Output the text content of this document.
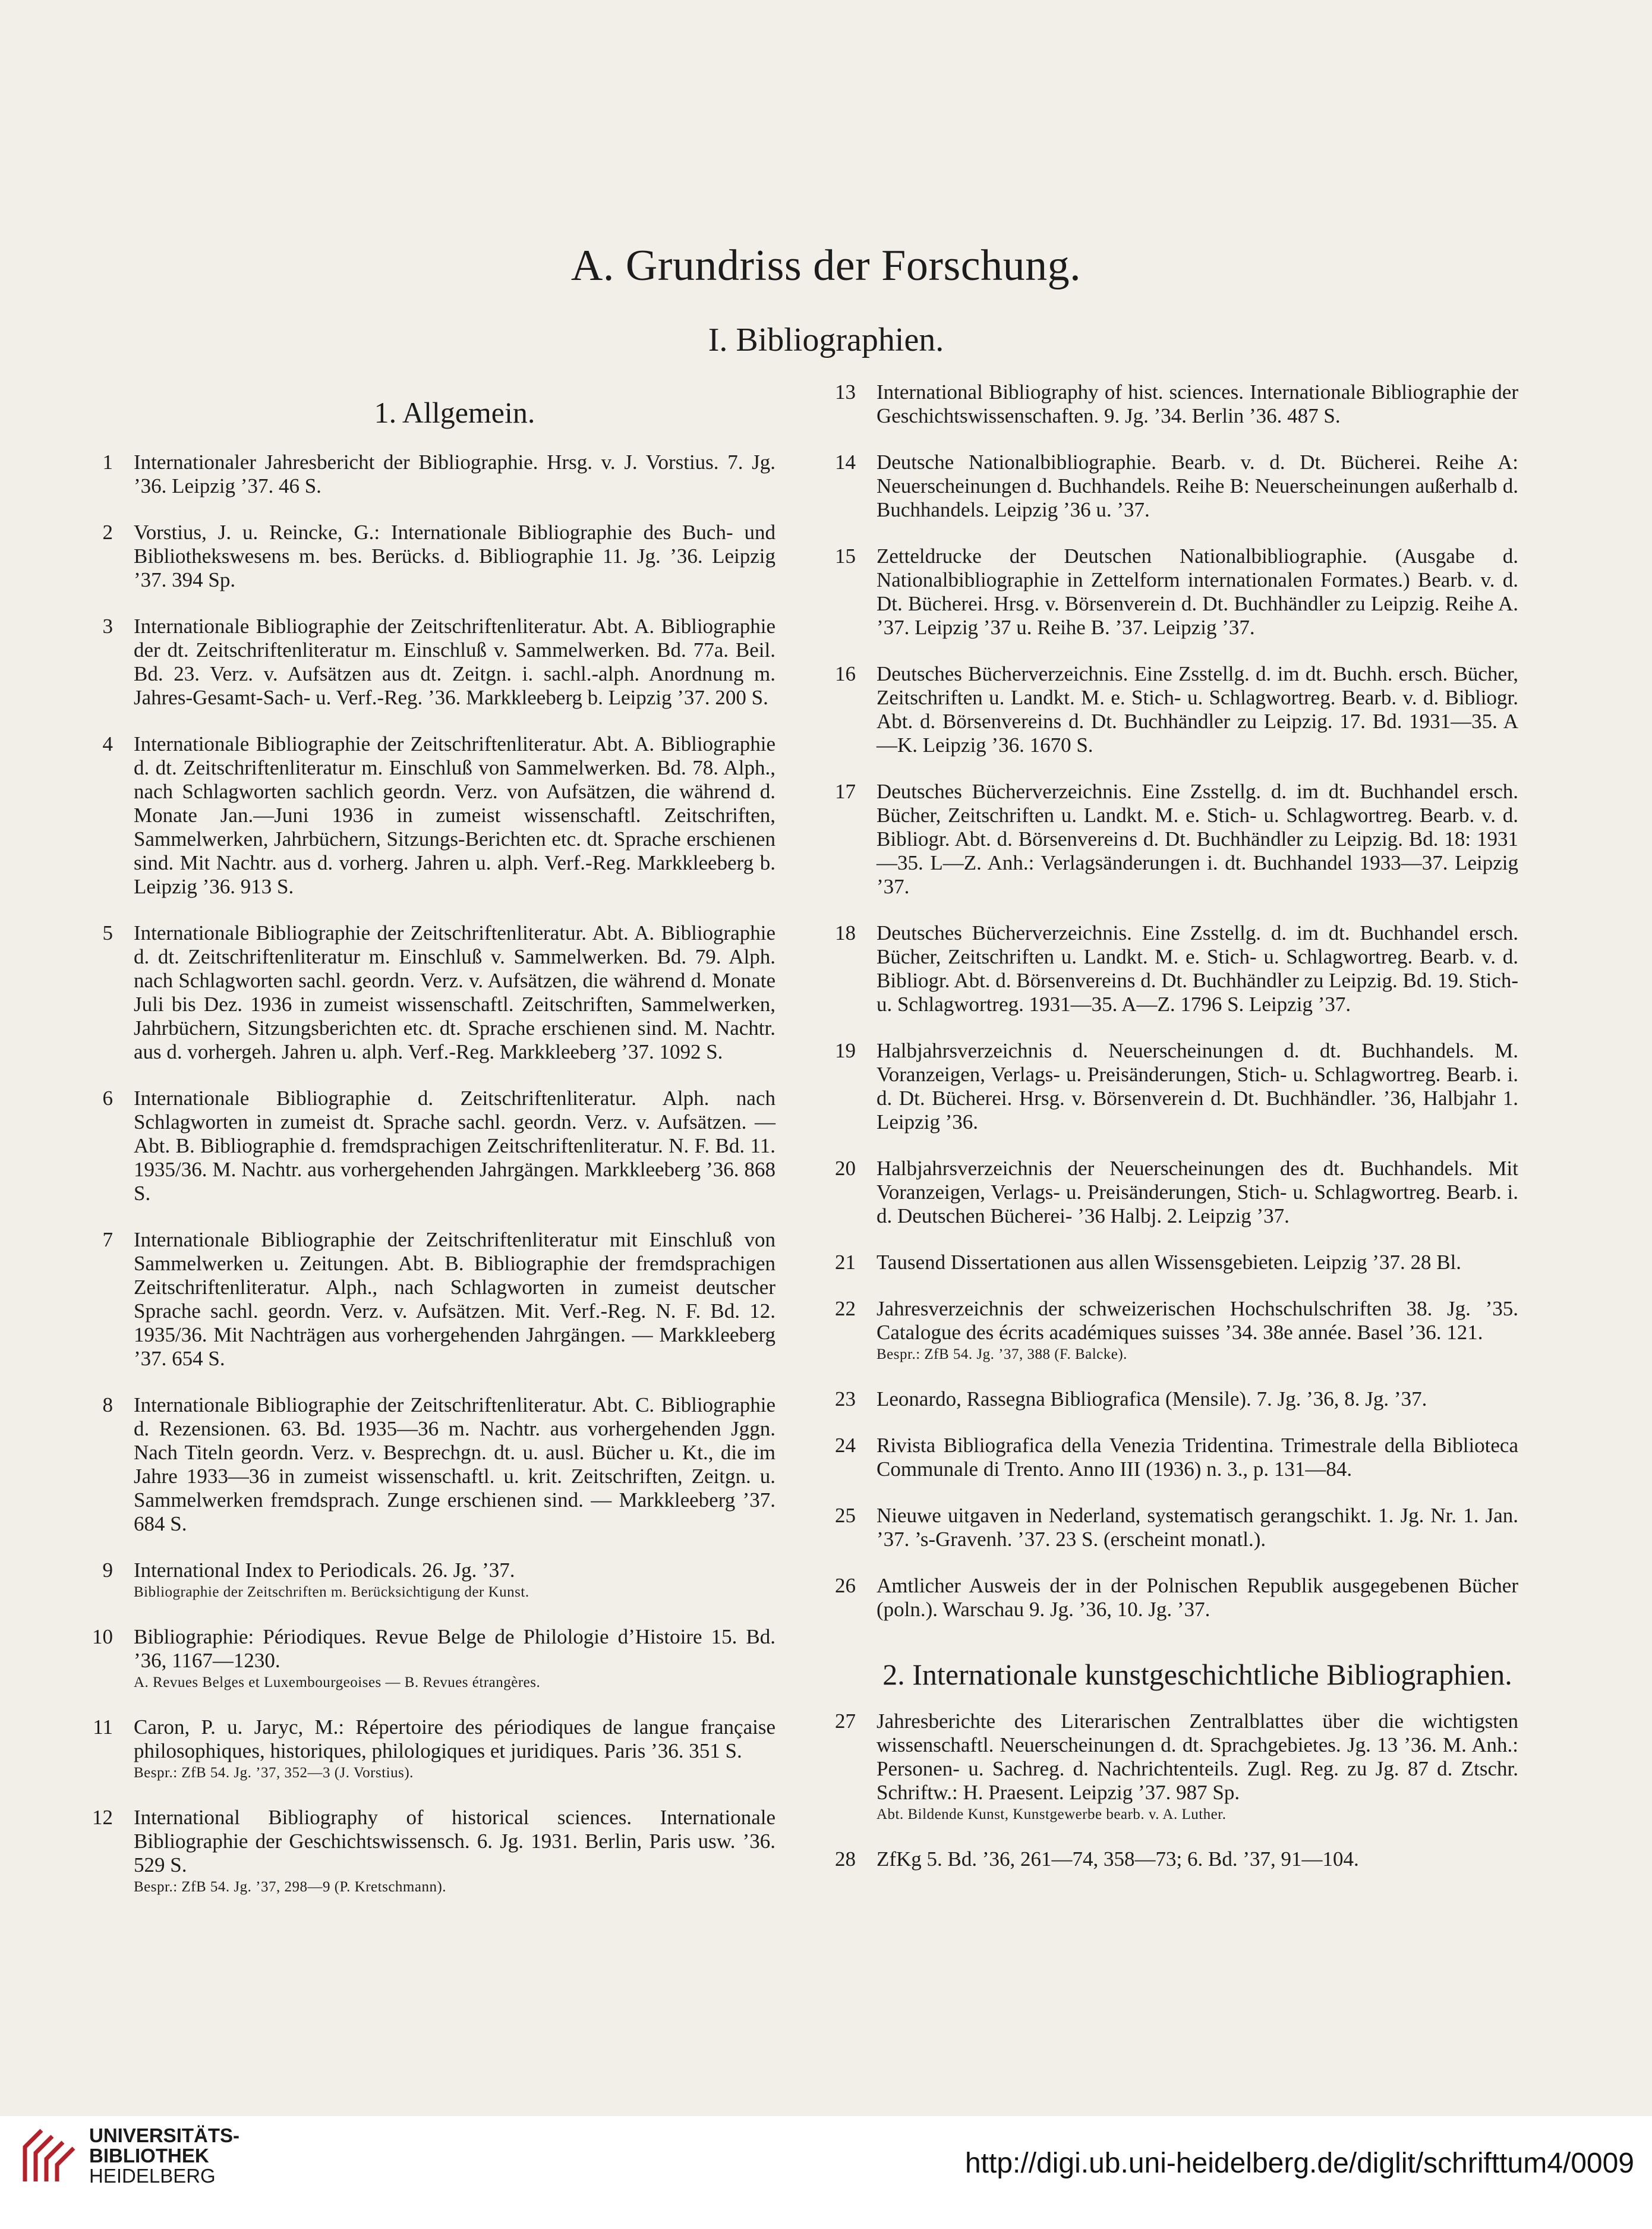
A. Grundriss der Forschung.
I. Bibliographien.
1. Allgemein.
1 Internationaler Jahresbericht der Bibliographie. Hrsg. v. J. Vorstius. 7. Jg. ’36. Leipzig ’37. 46 S.
2 Vorstius, J. u. Reincke, G.: Internationale Bibliographie des Buch- und Bibliothekswesens m. bes. Berücks. d. Bibliographie 11. Jg. ’36. Leipzig ’37. 394 Sp.
3 Internationale Bibliographie der Zeitschriftenliteratur. Abt. A. Bibliographie der dt. Zeitschriftenliteratur m. Einschluß v. Sammelwerken. Bd. 77a. Beil. Bd. 23. Verz. v. Aufsätzen aus dt. Zeitgn. i. sachl.-alph. Anordnung m. Jahres-Gesamt-Sach- u. Verf.-Reg. ’36. Markkleeberg b. Leipzig ’37. 200 S.
4 Internationale Bibliographie der Zeitschriftenliteratur. Abt. A. Bibliographie d. dt. Zeitschriftenliteratur m. Einschluß von Sammelwerken. Bd. 78. Alph., nach Schlagworten sachlich geordn. Verz. von Aufsätzen, die während d. Monate Jan.—Juni 1936 in zumeist wissenschaftl. Zeitschriften, Sammelwerken, Jahrbüchern, Sitzungs-Berichten etc. dt. Sprache erschienen sind. Mit Nachtr. aus d. vorherg. Jahren u. alph. Verf.-Reg. Markkleeberg b. Leipzig ’36. 913 S.
5 Internationale Bibliographie der Zeitschriftenliteratur. Abt. A. Bibliographie d. dt. Zeitschriftenliteratur m. Einschluß v. Sammelwerken. Bd. 79. Alph. nach Schlagworten sachl. geordn. Verz. v. Aufsätzen, die während d. Monate Juli bis Dez. 1936 in zumeist wissenschaftl. Zeitschriften, Sammelwerken, Jahrbüchern, Sitzungsberichten etc. dt. Sprache erschienen sind. M. Nachtr. aus d. vorhergeh. Jahren u. alph. Verf.-Reg. Markkleeberg ’37. 1092 S.
6 Internationale Bibliographie d. Zeitschriftenliteratur. Alph. nach Schlagworten in zumeist dt. Sprache sachl. geordn. Verz. v. Aufsätzen. — Abt. B. Bibliographie d. fremdsprachigen Zeitschriftenliteratur. N. F. Bd. 11. 1935/36. M. Nachtr. aus vorhergehenden Jahrgängen. Markkleeberg ’36. 868 S.
7 Internationale Bibliographie der Zeitschriftenliteratur mit Einschluß von Sammelwerken u. Zeitungen. Abt. B. Bibliographie der fremdsprachigen Zeitschriftenliteratur. Alph., nach Schlagworten in zumeist deutscher Sprache sachl. geordn. Verz. v. Aufsätzen. Mit. Verf.-Reg. N. F. Bd. 12. 1935/36. Mit Nachträgen aus vorhergehenden Jahrgängen. — Markkleeberg ’37. 654 S.
8 Internationale Bibliographie der Zeitschriftenliteratur. Abt. C. Bibliographie d. Rezensionen. 63. Bd. 1935—36 m. Nachtr. aus vorhergehenden Jggn. Nach Titeln geordn. Verz. v. Besprechgn. dt. u. ausl. Bücher u. Kt., die im Jahre 1933—36 in zumeist wissenschaftl. u. krit. Zeitschriften, Zeitgn. u. Sammelwerken fremdsprach. Zunge erschienen sind. — Markkleeberg ’37. 684 S.
9 International Index to Periodicals. 26. Jg. ’37.
Bibliographie der Zeitschriften m. Berücksichtigung der Kunst.
10 Bibliographie: Périodiques. Revue Belge de Philologie d’Histoire 15. Bd. ’36, 1167—1230.
A. Revues Belges et Luxembourgeoises — B. Revues étrangères.
11 Caron, P. u. Jaryc, M.: Répertoire des périodiques de langue française philosophiques, historiques, philologiques et juridiques. Paris ’36. 351 S.
Bespr.: ZfB 54. Jg. ’37, 352—3 (J. Vorstius).
12 International Bibliography of historical sciences. Internationale Bibliographie der Geschichtswissensch. 6. Jg. 1931. Berlin, Paris usw. ’36. 529 S.
Bespr.: ZfB 54. Jg. ’37, 298—9 (P. Kretschmann).
13 International Bibliography of hist. sciences. Internationale Bibliographie der Geschichtswissenschaften. 9. Jg. ’34. Berlin ’36. 487 S.
14 Deutsche Nationalbibliographie. Bearb. v. d. Dt. Bücherei. Reihe A: Neuerscheinungen d. Buchhandels. Reihe B: Neuerscheinungen außerhalb d. Buchhandels. Leipzig ’36 u. ’37.
15 Zetteldrucke der Deutschen Nationalbibliographie. (Ausgabe d. Nationalbibliographie in Zettelform internationalen Formates.) Bearb. v. d. Dt. Bücherei. Hrsg. v. Börsenverein d. Dt. Buchhändler zu Leipzig. Reihe A. ’37. Leipzig ’37 u. Reihe B. ’37. Leipzig ’37.
16 Deutsches Bücherverzeichnis. Eine Zsstellg. d. im dt. Buchh. ersch. Bücher, Zeitschriften u. Landkt. M. e. Stich- u. Schlagwortreg. Bearb. v. d. Bibliogr. Abt. d. Börsenvereins d. Dt. Buchhändler zu Leipzig. 17. Bd. 1931—35. A—K. Leipzig ’36. 1670 S.
17 Deutsches Bücherverzeichnis. Eine Zsstellg. d. im dt. Buchhandel ersch. Bücher, Zeitschriften u. Landkt. M. e. Stich- u. Schlagwortreg. Bearb. v. d. Bibliogr. Abt. d. Börsenvereins d. Dt. Buchhändler zu Leipzig. Bd. 18: 1931—35. L—Z. Anh.: Verlagsänderungen i. dt. Buchhandel 1933—37. Leipzig ’37.
18 Deutsches Bücherverzeichnis. Eine Zsstellg. d. im dt. Buchhandel ersch. Bücher, Zeitschriften u. Landkt. M. e. Stich- u. Schlagwortreg. Bearb. v. d. Bibliogr. Abt. d. Börsenvereins d. Dt. Buchhändler zu Leipzig. Bd. 19. Stich- u. Schlagwortreg. 1931—35. A—Z. 1796 S. Leipzig ’37.
19 Halbjahrsverzeichnis d. Neuerscheinungen d. dt. Buchhandels. M. Voranzeigen, Verlags- u. Preisänderungen, Stich- u. Schlagwortreg. Bearb. i. d. Dt. Bücherei. Hrsg. v. Börsenverein d. Dt. Buchhändler. ’36, Halbjahr 1. Leipzig ’36.
20 Halbjahrsverzeichnis der Neuerscheinungen des dt. Buchhandels. Mit Voranzeigen, Verlags- u. Preisänderungen, Stich- u. Schlagwortreg. Bearb. i. d. Deutschen Bücherei- ’36 Halbj. 2. Leipzig ’37.
21 Tausend Dissertationen aus allen Wissensgebieten. Leipzig ’37. 28 Bl.
22 Jahresverzeichnis der schweizerischen Hochschulschriften 38. Jg. ’35. Catalogue des écrits académiques suisses ’34. 38e année. Basel ’36. 121.
Bespr.: ZfB 54. Jg. ’37, 388 (F. Balcke).
23 Leonardo, Rassegna Bibliografica (Mensile). 7. Jg. ’36, 8. Jg. ’37.
24 Rivista Bibliografica della Venezia Tridentina. Trimestrale della Biblioteca Communale di Trento. Anno III (1936) n. 3., p. 131—84.
25 Nieuwe uitgaven in Nederland, systematisch gerangschikt. 1. Jg. Nr. 1. Jan. ’37. ’s-Gravenh. ’37. 23 S. (erscheint monatl.).
26 Amtlicher Ausweis der in der Polnischen Republik ausgegebenen Bücher (poln.). Warschau 9. Jg. ’36, 10. Jg. ’37.
2. Internationale kunstgeschichtliche Bibliographien.
27 Jahresberichte des Literarischen Zentralblattes über die wichtigsten wissenschaftl. Neuerscheinungen d. dt. Sprachgebietes. Jg. 13 ’36. M. Anh.: Personen- u. Sachreg. d. Nachrichtenteils. Zugl. Reg. zu Jg. 87 d. Ztschr. Schriftw.: H. Praesent. Leipzig ’37. 987 Sp.
Abt. Bildende Kunst, Kunstgewerbe bearb. v. A. Luther.
28 ZfKg 5. Bd. ’36, 261—74, 358—73; 6. Bd. ’37, 91—104.
UNIVERSITÄTS-
BIBLIOTHEK
HEIDELBERG	http://digi.ub.uni-heidelberg.de/diglit/schrifttum4/0009
